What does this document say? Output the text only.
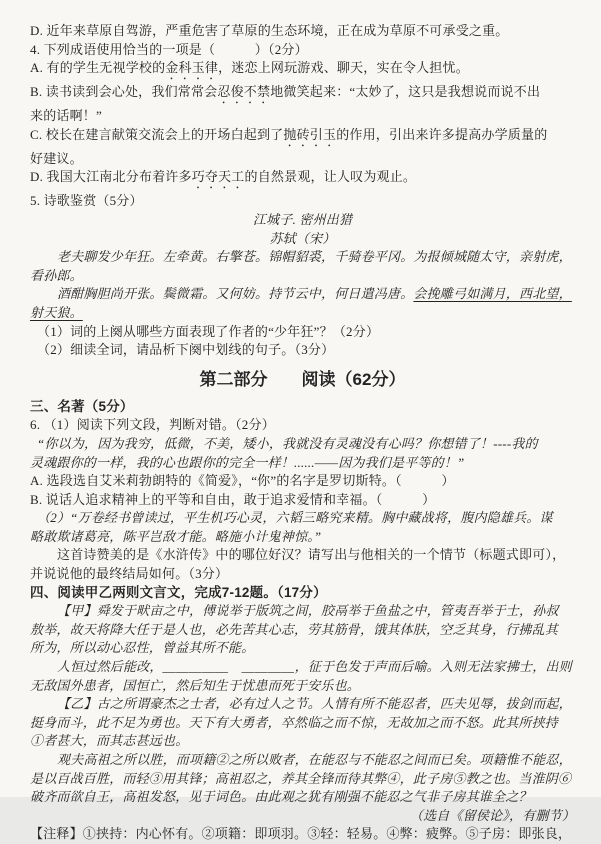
D. 近年来草原自驾游，严重危害了草原的生态环境，正在成为草原不可承受之重。
4. 下列成语使用恰当的一项是（　　　）（2分）
A. 有的学生无视学校的金科玉律，迷恋上网玩游戏、聊天，实在令人担忧。
B. 读书读到会心处，我们常常会忍俊不禁地微笑起来：“太妙了，这只是我想说而说不出
来的话啊！”
C. 校长在建言献策交流会上的开场白起到了抛砖引玉的作用，引出来许多提高办学质量的
好建议。
D. 我国大江南北分布着许多巧夺天工的自然景观，让人叹为观止。
5. 诗歌鉴赏（5分）
江城子. 密州出猎
苏轼（宋）
老夫聊发少年狂。左牵黄。右擎苍。锦帽貂裘，千骑卷平冈。为报倾城随太守，亲射虎，
看孙郎。
酒酣胸胆尚开张。鬓微霜。又何妨。持节云中，何日遣冯唐。会挽雕弓如满月，西北望，
射天狼。
（1）词的上阕从哪些方面表现了作者的“少年狂”？（2分）
（2）细读全词，请品析下阕中划线的句子。（3分）
第二部分　　阅读（62分）
三、名著（5分）
6. （1）阅读下列文段，判断对错。（2分）
“你以为，因为我穷，低微，不美，矮小，我就没有灵魂没有心吗？你想错了！----我的
灵魂跟你的一样，我的心也跟你的完全一样！......——因为我们是平等的！”
A. 选段选自艾米莉勃朗特的《简爱》，“你”的名字是罗切斯特。（　　　）
B. 说话人追求精神上的平等和自由，敢于追求爱情和幸福。（　　　）
（2）“万卷经书曾读过，平生机巧心灵，六韬三略究来精。胸中藏战将，腹内隐雄兵。谋
略敢欺诸葛亮，陈平岂敌才能。略施小计鬼神惊。”
这首诗赞美的是《水浒传》中的哪位好汉？请写出与他相关的一个情节（标题式即可），
并说说他的最终结局如何。（3分）
四、阅读甲乙两则文言文，完成7-12题。（17分）
【甲】舜发于畎亩之中，傅说举于版筑之间，胶鬲举于鱼盐之中，管夷吾举于士，孙叔
敖举，故天将降大任于是人也，必先苦其心志，劳其筋骨，饿其体肤，空乏其身，行拂乱其
所为，所以动心忍性，曾益其所不能。
人恒过然后能改，＿＿＿＿＿　＿＿＿＿，征于色发于声而后喻。入则无法家拂士，出则
无敌国外患者，国恒亡，然后知生于忧患而死于安乐也。
【乙】古之所谓豪杰之士者，必有过人之节。人情有所不能忍者，匹夫见辱，拔剑而起，
挺身而斗，此不足为勇也。天下有大勇者，卒然临之而不惊，无故加之而不怒。此其所挟持
①者甚大，而其志甚远也。
观夫高祖之所以胜，而项籍②之所以败者，在能忍与不能忍之间而已矣。项籍惟不能忍，
是以百战百胜，而轻③用其锋；高祖忍之，养其全锋而待其弊④，此子房⑤教之也。当淮阴⑥
破齐而欲自王，高祖发怒，见于词色。由此观之犹有刚强不能忍之气非子房其谁全之？
（选自《留侯论》，有删节）
【注释】①挟持：内心怀有。②项籍：即项羽。③轻：轻易。④弊：疲弊。⑤子房：即张良，
